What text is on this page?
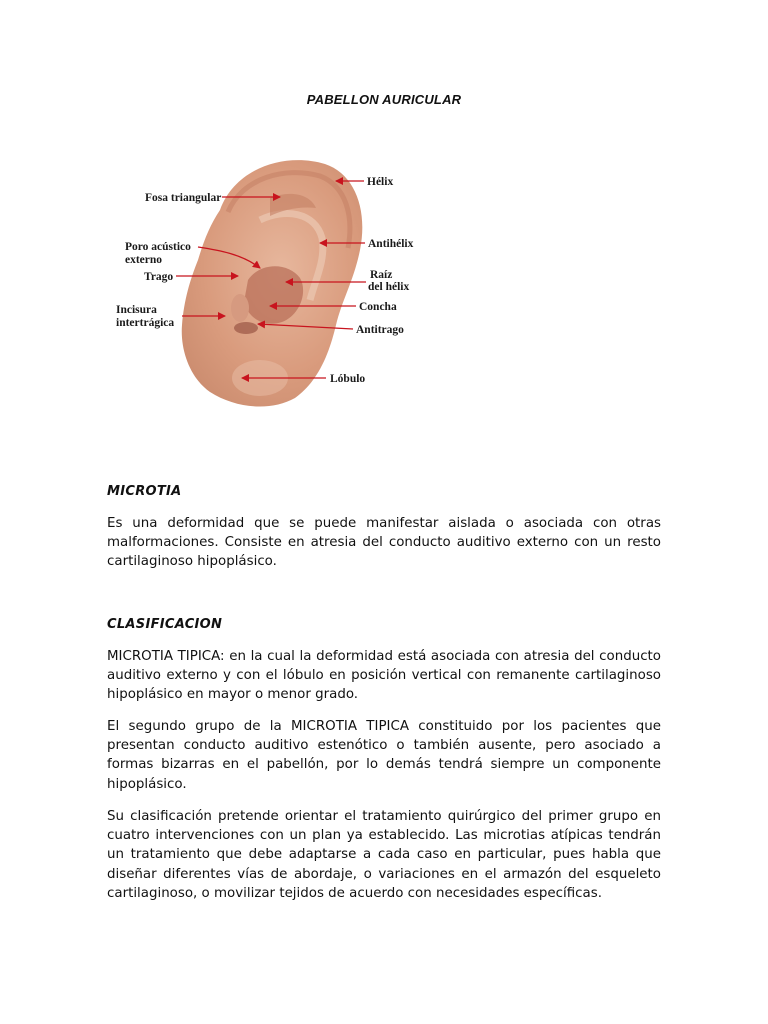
PABELLON AURICULAR
Fosa triangular
Hélix
Poro acústico
externo
Antihélix
Trago	Raíz
del hélix
Concha
Incisura
intertrágica
Antitrago
Lóbulo
MICROTIA

Es una deformidad que se puede manifestar aislada o asociada con otras malformaciones. Consiste en atresia del conducto auditivo externo con un resto cartilaginoso hipoplásico.

CLASIFICACION

MICROTIA TIPICA: en la cual la deformidad está asociada con atresia del conducto auditivo externo y con el lóbulo en posición vertical con remanente cartilaginoso hipoplásico en mayor o menor grado.

El segundo grupo de la MICROTIA TIPICA constituido por los pacientes que presentan conducto auditivo estenótico o también ausente, pero asociado a formas bizarras en el pabellón, por lo demás tendrá siempre un componente hipoplásico.

Su clasificación pretende orientar el tratamiento quirúrgico del primer grupo en cuatro intervenciones con un plan ya establecido. Las microtias atípicas tendrán un tratamiento que debe adaptarse a cada caso en particular, pues habla que diseñar diferentes vías de abordaje, o variaciones en el armazón del esqueleto cartilaginoso, o movilizar tejidos de acuerdo con necesidades específicas.
